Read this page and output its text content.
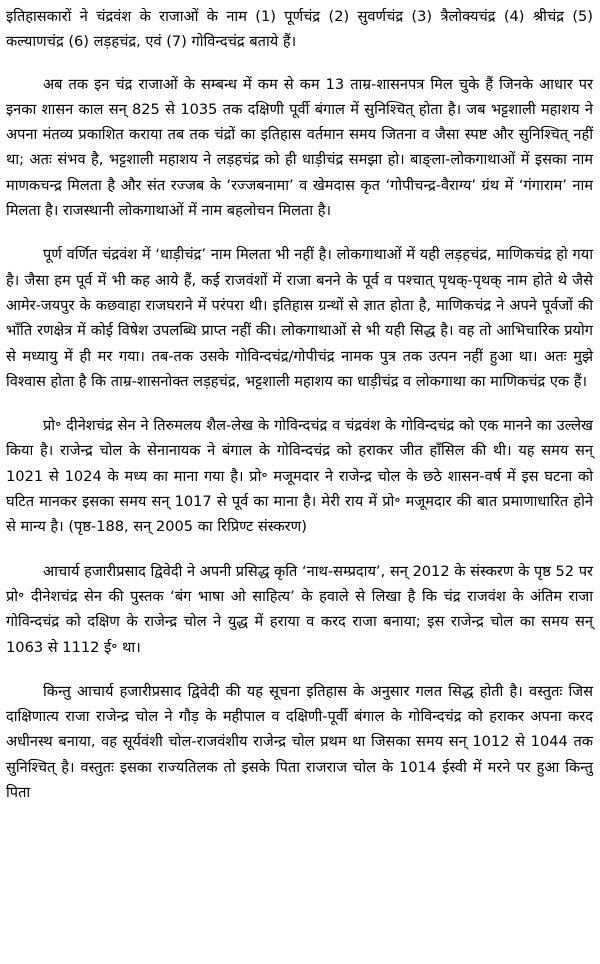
इतिहासकारों ने चंद्रवंश के राजाओं के नाम (1) पूर्णचंद्र (2) सुवर्णचंद्र (3) त्रैलोक्यचंद्र (4) श्रीचंद्र (5) कल्याणचंद्र (6) लड़हचंद्र, एवं (7) गोविन्दचंद्र बताये हैं।

अब तक इन चंद्र राजाओं के सम्बन्ध में कम से कम 13 ताम्र-शासनपत्र मिल चुके हैं जिनके आधार पर इनका शासन काल सन् 825 से 1035 तक दक्षिणी पूर्वी बंगाल में सुनिश्चित् होता है। जब भट्टशाली महाशय ने अपना मंतव्य प्रकाशित कराया तब तक चंद्रों का इतिहास वर्तमान समय जितना व जैसा स्पष्ट और सुनिश्चित् नहीं था; अतः संभव है, भट्टशाली महाशय ने लड़हचंद्र को ही धाड़ीचंद्र समझा हो। बाङ्ला-लोकगाथाओं में इसका नाम माणकचन्द्र मिलता है और संत रज्जब के ‘रज्जबनामा’ व खेमदास कृत ‘गोपीचन्द्र-वैराग्य’ ग्रंथ में ‘गंगाराम’ नाम मिलता है। राजस्थानी लोकगाथाओं में नाम बहलोचन मिलता है।

पूर्ण वर्णित चंद्रवंश में ‘धाड़ीचंद्र’ नाम मिलता भी नहीं है। लोकगाथाओं में यही लड़हचंद्र, माणिकचंद्र हो गया है। जैसा हम पूर्व में भी कह आये हैं, कई राजवंशों में राजा बनने के पूर्व व पश्चात् पृथक्-पृथक् नाम होते थे जैसे आमेर-जयपुर के कछवाहा राजघराने में परंपरा थी। इतिहास ग्रन्थों से ज्ञात होता है, माणिकचंद्र ने अपने पूर्वजों की भाँति रणक्षेत्र में कोई विषेश उपलब्धि प्राप्त नहीं की। लोकगाथाओं से भी यही सिद्ध है। वह तो आभिचारिक प्रयोग से मध्यायु में ही मर गया। तब-तक उसके गोविन्दचंद्र/गोपीचंद्र नामक पुत्र तक उत्पन नहीं हुआ था। अतः मुझे विश्वास होता है कि ताम्र-शासनोक्त लड़हचंद्र, भट्टशाली महाशय का धाड़ीचंद्र व लोकगाथा का माणिकचंद्र एक हैं।

प्रो॰ दीनेशचंद्र सेन ने तिरुमलय शैल-लेख के गोविन्दचंद्र व चंद्रवंश के गोविन्दचंद्र को एक मानने का उल्लेख किया है। राजेन्द्र चोल के सेनानायक ने बंगाल के गोविन्दचंद्र को हराकर जीत हाँसिल की थी। यह समय सन् 1021 से 1024 के मध्य का माना गया है। प्रो॰ मजूमदार ने राजेन्द्र चोल के छठे शासन-वर्ष में इस घटना को घटित मानकर इसका समय सन् 1017 से पूर्व का माना है। मेरी राय में प्रो॰ मजूमदार की बात प्रमाणाधारित होने से मान्य है। (पृष्ठ-188, सन् 2005 का रिप्रिण्ट संस्करण)

आचार्य हजारीप्रसाद द्विवेदी ने अपनी प्रसिद्ध कृति ‘नाथ-सम्प्रदाय’, सन् 2012 के संस्करण के पृष्ठ 52 पर प्रो॰ दीनेशचंद्र सेन की पुस्तक ‘बंग भाषा ओ साहित्य’ के हवाले से लिखा है कि चंद्र राजवंश के अंतिम राजा गोविन्दचंद्र को दक्षिण के राजेन्द्र चोल ने युद्ध में हराया व करद राजा बनाया; इस राजेन्द्र चोल का समय सन् 1063 से 1112 ई॰ था।

किन्तु आचार्य हजारीप्रसाद द्विवेदी की यह सूचना इतिहास के अनुसार गलत सिद्ध होती है। वस्तुतः जिस दाक्षिणात्य राजा राजेन्द्र चोल ने गौड़ के महीपाल व दक्षिणी-पूर्वी बंगाल के गोविन्दचंद्र को हराकर अपना करद अधीनस्थ बनाया, वह सूर्यवंशी चोल-राजवंशीय राजेन्द्र चोल प्रथम था जिसका समय सन् 1012 से 1044 तक सुनिश्चित् है। वस्तुतः इसका राज्यतिलक तो इसके पिता राजराज चोल के 1014 ईस्वी में मरने पर हुआ किन्तु पिता
